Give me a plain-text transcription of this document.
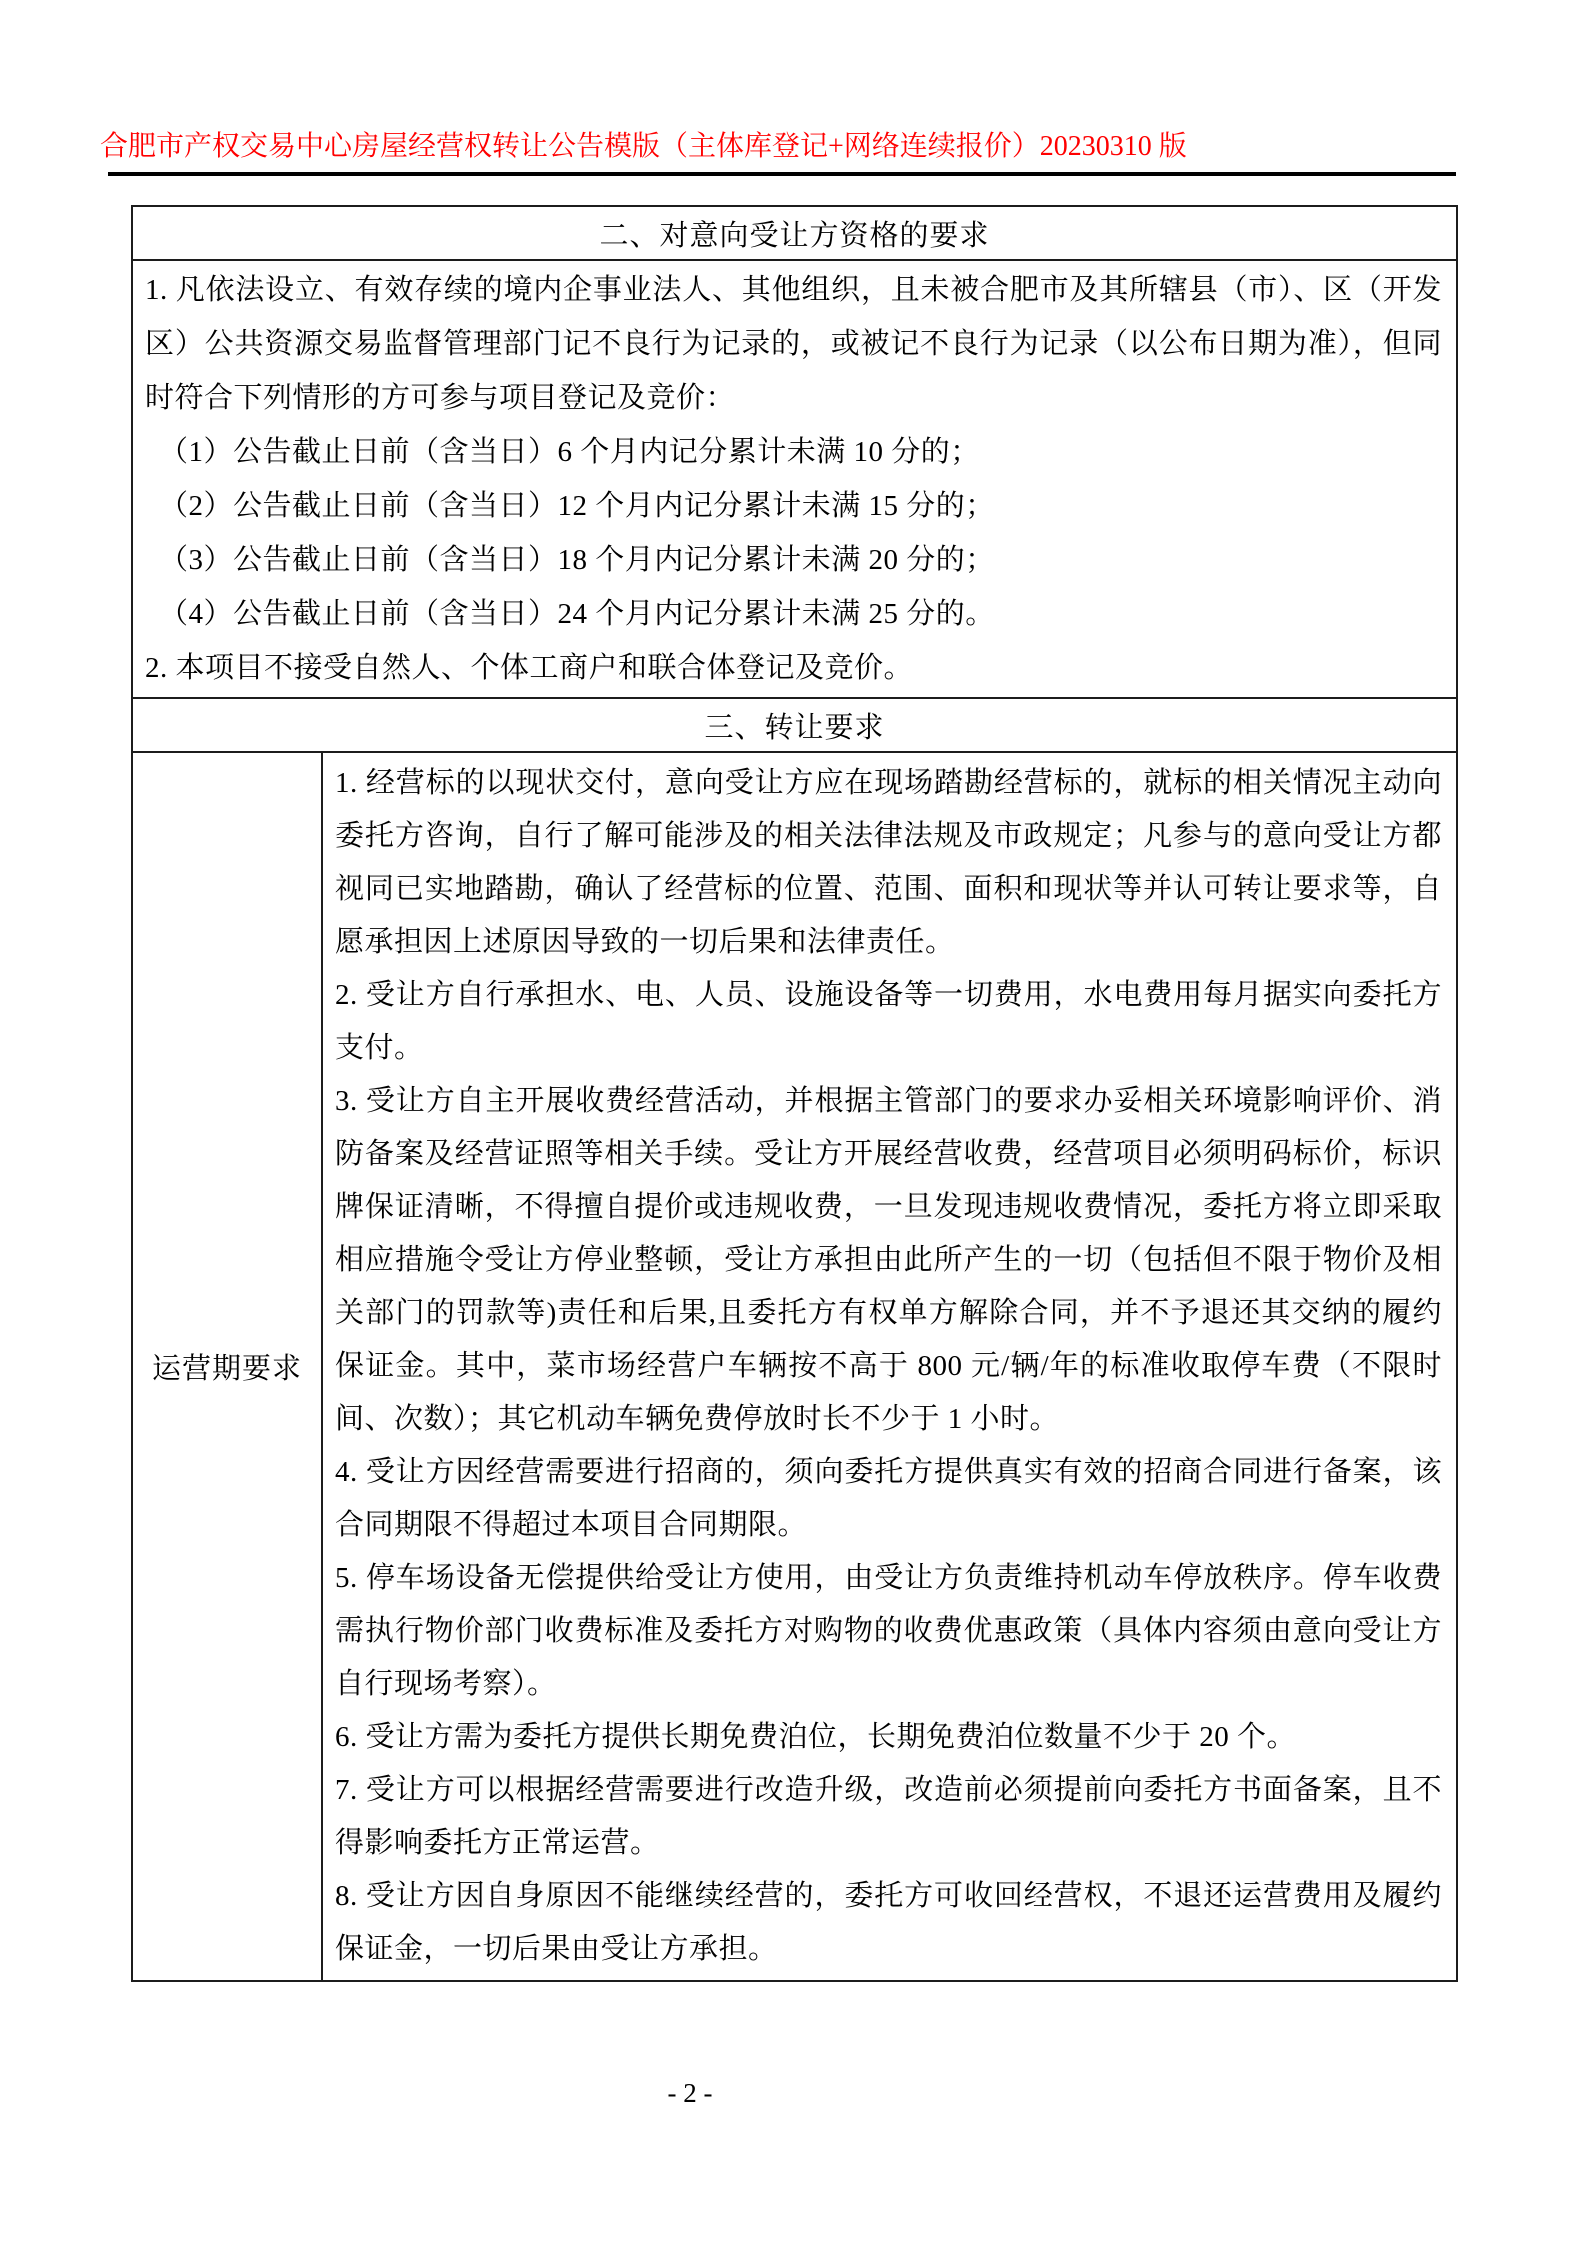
合肥市产权交易中心房屋经营权转让公告模版（主体库登记+网络连续报价）20230310 版
二、对意向受让方资格的要求

1. 凡依法设立、有效存续的境内企事业法人、其他组织，且未被合肥市及其所辖县（市）、区（开发区）公共资源交易监督管理部门记不良行为记录的，或被记不良行为记录（以公布日期为准），但同时符合下列情形的方可参与项目登记及竞价：

（1）公告截止日前（含当日）6 个月内记分累计未满 10 分的；

（2）公告截止日前（含当日）12 个月内记分累计未满 15 分的；

（3）公告截止日前（含当日）18 个月内记分累计未满 20 分的；

（4）公告截止日前（含当日）24 个月内记分累计未满 25 分的。

2. 本项目不接受自然人、个体工商户和联合体登记及竞价。

三、转让要求
运营期要求	

1. 经营标的以现状交付，意向受让方应在现场踏勘经营标的，就标的相关情况主动向委托方咨询，自行了解可能涉及的相关法律法规及市政规定；凡参与的意向受让方都视同已实地踏勘，确认了经营标的位置、范围、面积和现状等并认可转让要求等，自愿承担因上述原因导致的一切后果和法律责任。

2. 受让方自行承担水、电、人员、设施设备等一切费用，水电费用每月据实向委托方支付。

3. 受让方自主开展收费经营活动，并根据主管部门的要求办妥相关环境影响评价、消防备案及经营证照等相关手续。受让方开展经营收费，经营项目必须明码标价，标识牌保证清晰，不得擅自提价或违规收费，一旦发现违规收费情况，委托方将立即采取相应措施令受让方停业整顿，受让方承担由此所产生的一切（包括但不限于物价及相关部门的罚款等)责任和后果,且委托方有权单方解除合同，并不予退还其交纳的履约保证金。其中，菜市场经营户车辆按不高于 800 元/辆/年的标准收取停车费（不限时间、次数）；其它机动车辆免费停放时长不少于 1 小时。

4. 受让方因经营需要进行招商的，须向委托方提供真实有效的招商合同进行备案，该合同期限不得超过本项目合同期限。

5. 停车场设备无偿提供给受让方使用，由受让方负责维持机动车停放秩序。停车收费需执行物价部门收费标准及委托方对购物的收费优惠政策（具体内容须由意向受让方自行现场考察）。

6. 受让方需为委托方提供长期免费泊位，长期免费泊位数量不少于 20 个。

7. 受让方可以根据经营需要进行改造升级，改造前必须提前向委托方书面备案，且不得影响委托方正常运营。

8. 受让方因自身原因不能继续经营的，委托方可收回经营权，不退还运营费用及履约保证金，一切后果由受让方承担。

- 2 -
